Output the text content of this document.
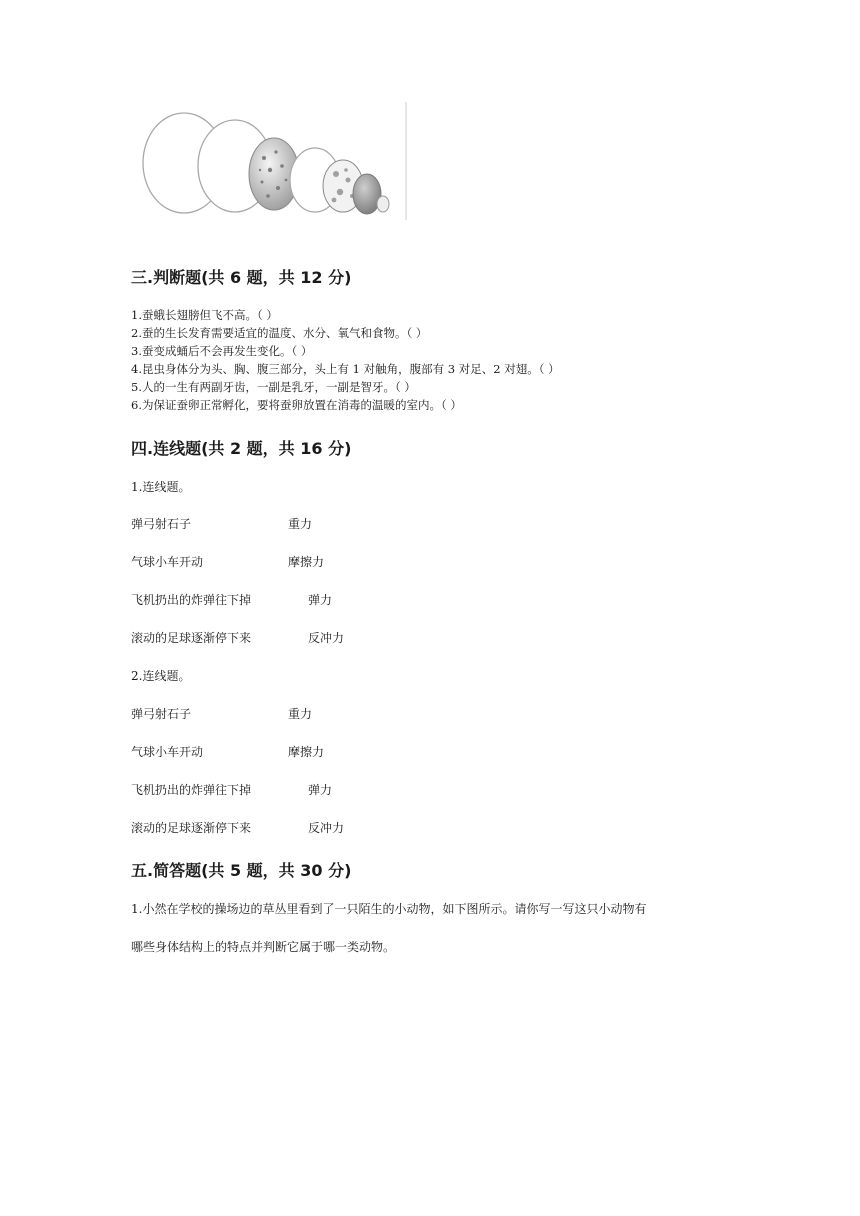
三.判断题(共 6 题，共 12 分)
1.蚕蛾长翅膀但飞不高。（ ）
2.蚕的生长发育需要适宜的温度、水分、氧气和食物。（ ）
3.蚕变成蛹后不会再发生变化。（ ）
4.昆虫身体分为头、胸、腹三部分，头上有 1 对触角，腹部有 3 对足、2 对翅。（ ）
5.人的一生有两副牙齿，一副是乳牙，一副是智牙。（ ）
6.为保证蚕卵正常孵化，要将蚕卵放置在消毒的温暖的室内。（ ）
四.连线题(共 2 题，共 16 分)
1.连线题。
弹弓射石子	重力
气球小车开动	摩擦力
飞机扔出的炸弹往下掉	弹力
滚动的足球逐渐停下来	反冲力
2.连线题。
弹弓射石子	重力
气球小车开动	摩擦力
飞机扔出的炸弹往下掉	弹力
滚动的足球逐渐停下来	反冲力
五.简答题(共 5 题，共 30 分)
1.小然在学校的操场边的草丛里看到了一只陌生的小动物，如下图所示。请你写一写这只小动物有
哪些身体结构上的特点并判断它属于哪一类动物。
